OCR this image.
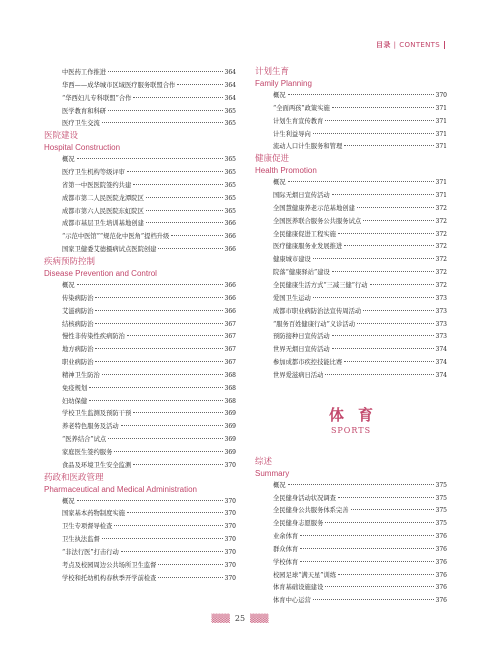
目录 | CONTENTS
中医药工作推进	364
华西——成华城市区域医疗服务联盟合作	364
“华西妇儿专科联盟”合作	364
医学教育和科研	365
医疗卫生交流	365
医院建设
Hospital Construction
概况	365
医疗卫生机构等级评审	365
省第一中医医院签约共建	365
成都市第二人民医院龙潭院区	365
成都市第六人民医院东虹院区	365
成都市基层卫生培训基地创建	366
“示范中医馆”“规范化中医角”提档升级	366
国家卫健委艾德摄病试点医院创建	366
疾病预防控制
Disease Prevention and Control
概况	366
传染病防治	366
艾滋病防治	366
结核病防治	367
慢性非传染性疾病防治	367
地方病防治	367
职业病防治	367
精神卫生防治	368
免疫规划	368
妇幼保健	368
学校卫生监测及预防干预	369
养老特色服务及活动	369
“医养结合”试点	369
家庭医生签约服务	369
食品及环境卫生安全监测	370
药政和医政管理
Pharmaceutical and Medical Administration
概况	370
国家基本药物制度实施	370
卫生专项督导检查	370
卫生执法监督	370
“非法行医”打击行动	370
考点及校园周边公共场所卫生监督	370
学校和托幼机构春秋季开学前检查	370
计划生育
Family Planning
概况	370
“全面两孩”政策实施	371
计划生育宣传教育	371
计生利益导向	371
流动人口计生服务和管理	371
健康促进
Health Promotion
概况	371
国际无烟日宣传活动	371
全国慧健康养老示范基地创建	372
全国医养联合服务公共服务试点	372
全民健康促进工程实施	372
医疗健康服务业发展推进	372
健康城市建设	372
院落“健康驿站”建设	372
全民健康生活方式“三减三健”行动	372
爱国卫生运动	373
成都市职业病防治法宣传周活动	373
“服务百姓健康行动”义诊活动	373
预防接种日宣传活动	373
世界无烟日宣传活动	374
参加成都市疾控技能比赛	374
世界爱滋病日活动	374
体育
SPORTS
综述
Summary
概况	375
全民健身活动状况调查	375
全民健身公共服务体系完善	375
全民健身志愿服务	375
业余体育	376
群众体育	376
学校体育	376
校园足球“满天星”训练	376
体育基础设施建设	376
体育中心运营	376
▒▒▒ 25 ▒▒▒
